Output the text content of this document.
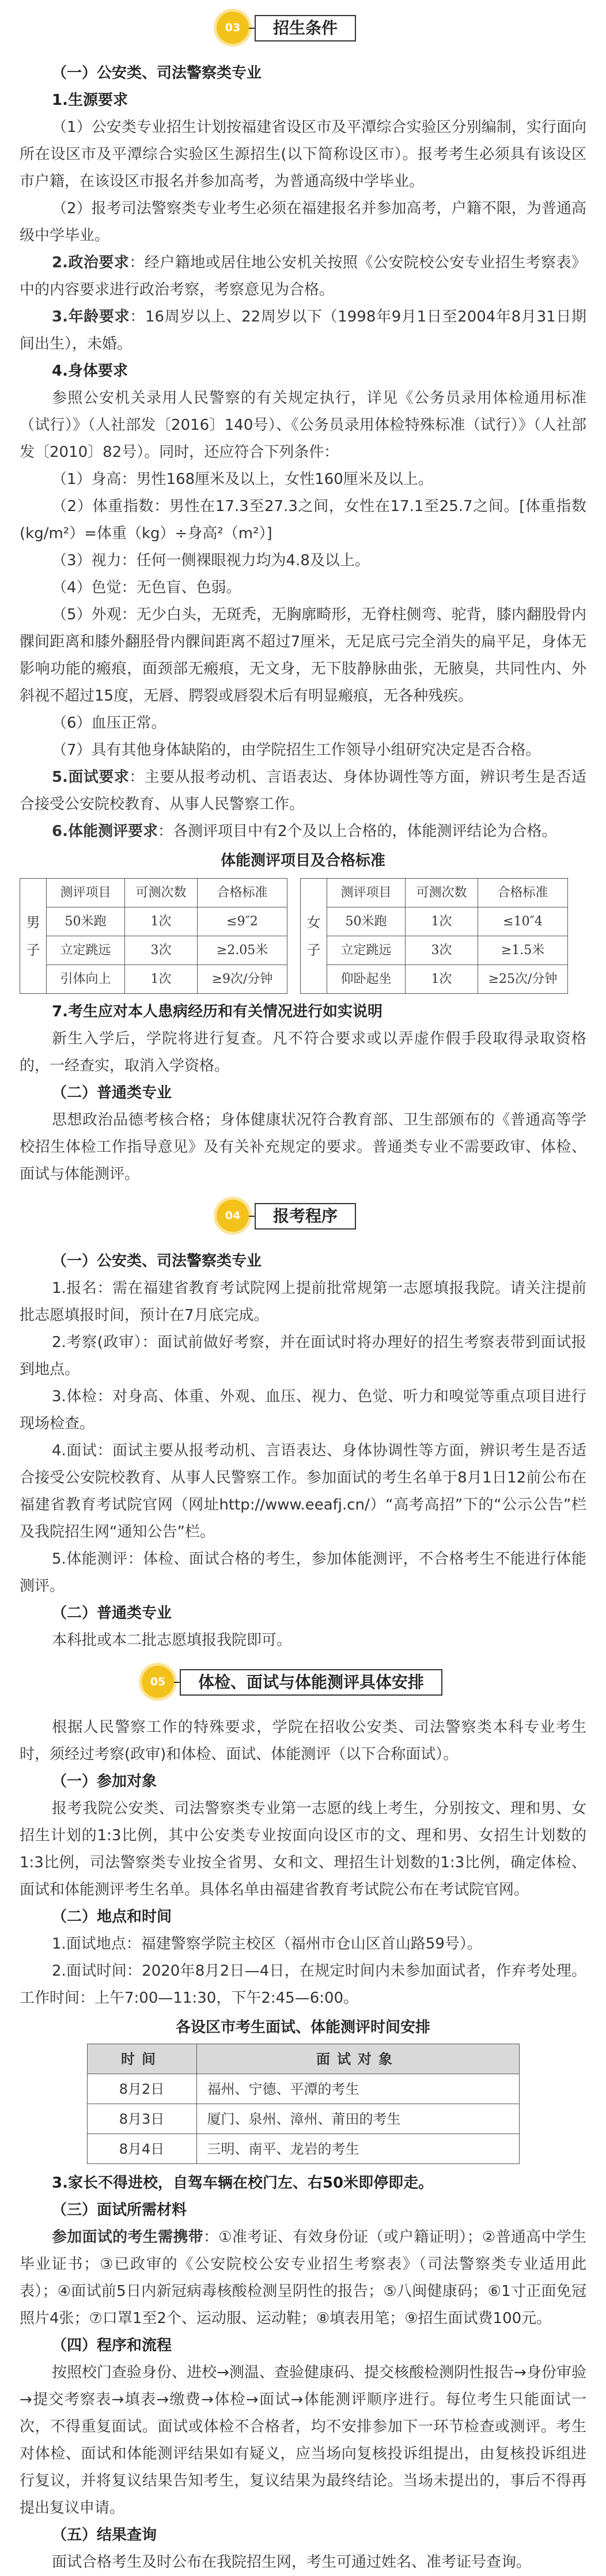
03	招生条件
（一）公安类、司法警察类专业
1.生源要求
（1）公安类专业招生计划按福建省设区市及平潭综合实验区分别编制，实行面向所在设区市及平潭综合实验区生源招生(以下简称设区市）。报考考生必须具有该设区市户籍，在该设区市报名并参加高考，为普通高级中学毕业。
（2）报考司法警察类专业考生必须在福建报名并参加高考，户籍不限，为普通高级中学毕业。
2.政治要求：经户籍地或居住地公安机关按照《公安院校公安专业招生考察表》中的内容要求进行政治考察，考察意见为合格。
3.年龄要求：16周岁以上、22周岁以下（1998年9月1日至2004年8月31日期间出生），未婚。
4.身体要求
参照公安机关录用人民警察的有关规定执行，详见《公务员录用体检通用标准（试行）》（人社部发〔2016〕140号）、《公务员录用体检特殊标准（试行）》（人社部发〔2010〕82号）。同时，还应符合下列条件：
（1）身高：男性168厘米及以上，女性160厘米及以上。
（2）体重指数：男性在17.3至27.3之间，女性在17.1至25.7之间。[体重指数(kg/m²）=体重（kg）÷身高²（m²）]
（3）视力：任何一侧裸眼视力均为4.8及以上。
（4）色觉：无色盲、色弱。
（5）外观：无少白头，无斑秃，无胸廓畸形，无脊柱侧弯、驼背，膝内翻股骨内髁间距离和膝外翻胫骨内髁间距离不超过7厘米，无足底弓完全消失的扁平足，身体无影响功能的瘢痕，面颈部无瘢痕，无文身，无下肢静脉曲张，无腋臭，共同性内、外斜视不超过15度，无唇、腭裂或唇裂术后有明显瘢痕，无各种残疾。
（6）血压正常。
（7）具有其他身体缺陷的，由学院招生工作领导小组研究决定是否合格。
5.面试要求：主要从报考动机、言语表达、身体协调性等方面，辨识考生是否适合接受公安院校教育、从事人民警察工作。
6.体能测评要求：各测评项目中有2个及以上合格的，体能测评结论为合格。
体能测评项目及合格标准
男子	测评项目	可测次数	合格标准
	50米跑	1次	≤9″2
	立定跳远	3次	≥2.05米
	引体向上	1次	≥9次/分钟
女子	测评项目	可测次数	合格标准
	50米跑	1次	≤10″4
	立定跳远	3次	≥1.5米
	仰卧起坐	1次	≥25次/分钟
7.考生应对本人患病经历和有关情况进行如实说明
新生入学后，学院将进行复查。凡不符合要求或以弄虚作假手段取得录取资格的，一经查实，取消入学资格。
（二）普通类专业
思想政治品德考核合格；身体健康状况符合教育部、卫生部颁布的《普通高等学校招生体检工作指导意见》及有关补充规定的要求。普通类专业不需要政审、体检、面试与体能测评。
04	报考程序
（一）公安类、司法警察类专业
1.报名：需在福建省教育考试院网上提前批常规第一志愿填报我院。请关注提前批志愿填报时间，预计在7月底完成。
2.考察(政审）：面试前做好考察，并在面试时将办理好的招生考察表带到面试报到地点。
3.体检：对身高、体重、外观、血压、视力、色觉、听力和嗅觉等重点项目进行现场检查。
4.面试：面试主要从报考动机、言语表达、身体协调性等方面，辨识考生是否适合接受公安院校教育、从事人民警察工作。参加面试的考生名单于8月1日12前公布在福建省教育考试院官网（网址http://www.eeafj.cn/）“高考高招”下的“公示公告”栏及我院招生网“通知公告”栏。
5.体能测评：体检、面试合格的考生，参加体能测评，不合格考生不能进行体能测评。
（二）普通类专业
本科批或本二批志愿填报我院即可。
05	体检、面试与体能测评具体安排
根据人民警察工作的特殊要求，学院在招收公安类、司法警察类本科专业考生时，须经过考察(政审)和体检、面试、体能测评（以下合称面试）。
（一）参加对象
报考我院公安类、司法警察类专业第一志愿的线上考生，分别按文、理和男、女招生计划的1:3比例，其中公安类专业按面向设区市的文、理和男、女招生计划数的1:3比例，司法警察类专业按全省男、女和文、理招生计划数的1:3比例，确定体检、面试和体能测评考生名单。具体名单由福建省教育考试院公布在考试院官网。
（二）地点和时间
1.面试地点：福建警察学院主校区（福州市仓山区首山路59号）。
2.面试时间：2020年8月2日—4日，在规定时间内未参加面试者，作弃考处理。工作时间：上午7:00—11:30，下午2:45—6:00。
各设区市考生面试、体能测评时间安排
时间	面试对象
8月2日	福州、宁德、平潭的考生
8月3日	厦门、泉州、漳州、莆田的考生
8月4日	三明、南平、龙岩的考生
3.家长不得进校，自驾车辆在校门左、右50米即停即走。
（三）面试所需材料
参加面试的考生需携带：①准考证、有效身份证（或户籍证明）；②普通高中学生毕业证书；③已政审的《公安院校公安专业招生考察表》（司法警察类专业适用此表）；④面试前5日内新冠病毒核酸检测呈阴性的报告；⑤八闽健康码；⑥1寸正面免冠照片4张；⑦口罩1至2个、运动服、运动鞋；⑧填表用笔；⑨招生面试费100元。
（四）程序和流程
按照校门查验身份、进校→测温、查验健康码、提交核酸检测阴性报告→身份审验→提交考察表→填表→缴费→体检→面试→体能测评顺序进行。每位考生只能面试一次，不得重复面试。面试或体检不合格者，均不安排参加下一环节检查或测评。考生对体检、面试和体能测评结果如有疑义，应当场向复核投诉组提出，由复核投诉组进行复议，并将复议结果告知考生，复议结果为最终结论。当场未提出的，事后不得再提出复议申请。
（五）结果查询
面试合格考生及时公布在我院招生网，考生可通过姓名、准考证号查询。
